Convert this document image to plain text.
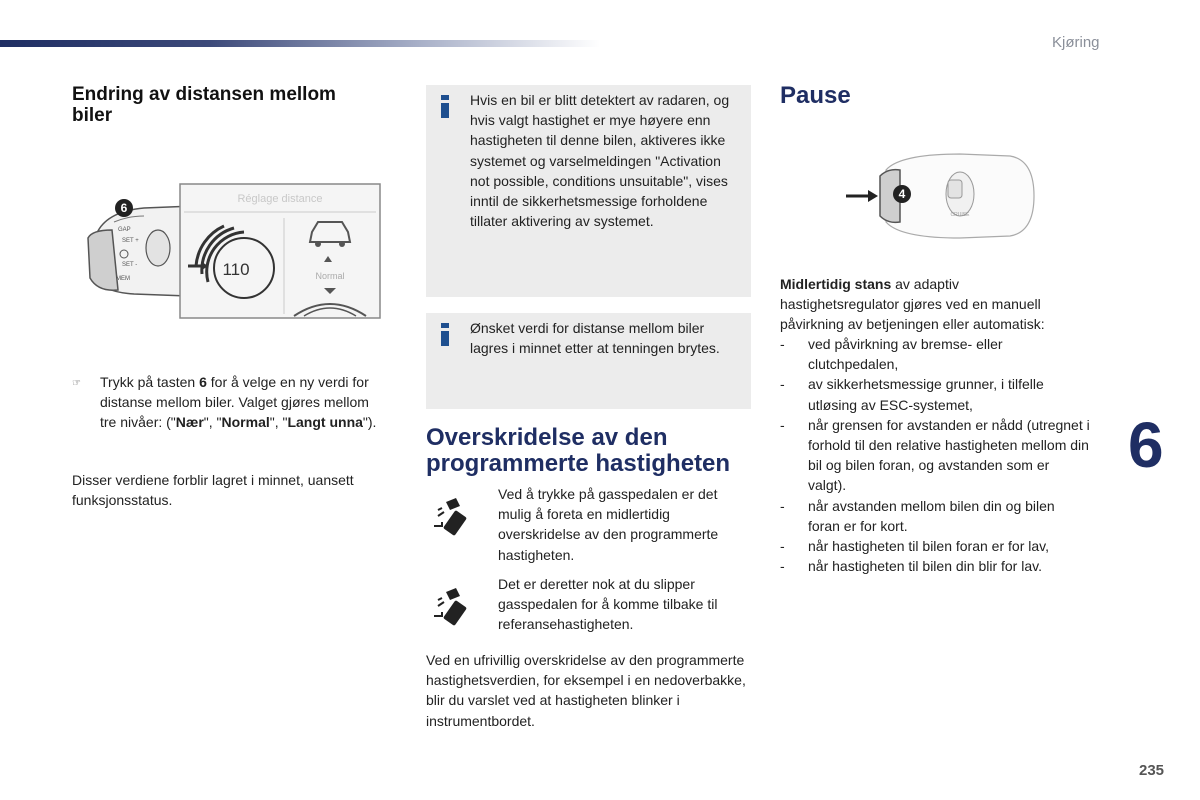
Kjøring
235
6
Endring av distansen mellom biler
GAP
SET +
SET -
MEM
6
Réglage distance
110	Normal
☞ Trykk på tasten 6 for å velge en ny verdi for distanse mellom biler. Valget gjøres mellom tre nivåer: ("Nær", "Normal", "Langt unna").

Disser verdiene forblir lagret i minnet, uansett funksjonsstatus.

Hvis en bil er blitt detektert av radaren, og hvis valgt hastighet er mye høyere enn hastigheten til denne bilen, aktiveres ikke systemet og varselmeldingen "Activation not possible, conditions unsuitable", vises inntil de sikkerhetsmessige forholdene tillater aktivering av systemet.

Ønsket verdi for distanse mellom biler lagres i minnet etter at tenningen brytes.

Overskridelse av den programmerte hastigheten

Ved å trykke på gasspedalen er det mulig å foreta en midlertidig overskridelse av den programmerte hastigheten.

Det er deretter nok at du slipper gasspedalen for å komme tilbake til referansehastigheten.

Ved en ufrivillig overskridelse av den programmerte hastighetsverdien, for eksempel i en nedoverbakke, blir du varslet ved at hastigheten blinker i instrumentbordet.

Pause
CRUISE
4

Midlertidig stans av adaptiv hastighetsregulator gjøres ved en manuell påvirkning av betjeningen eller automatisk:

- ved påvirkning av bremse- eller clutchpedalen,
- av sikkerhetsmessige grunner, i tilfelle utløsing av ESC-systemet,
- når grensen for avstanden er nådd (utregnet i forhold til den relative hastigheten mellom din bil og bilen foran, og avstanden som er valgt).
- når avstanden mellom bilen din og bilen foran er for kort.
- når hastigheten til bilen foran er for lav,
- når hastigheten til bilen din blir for lav.
